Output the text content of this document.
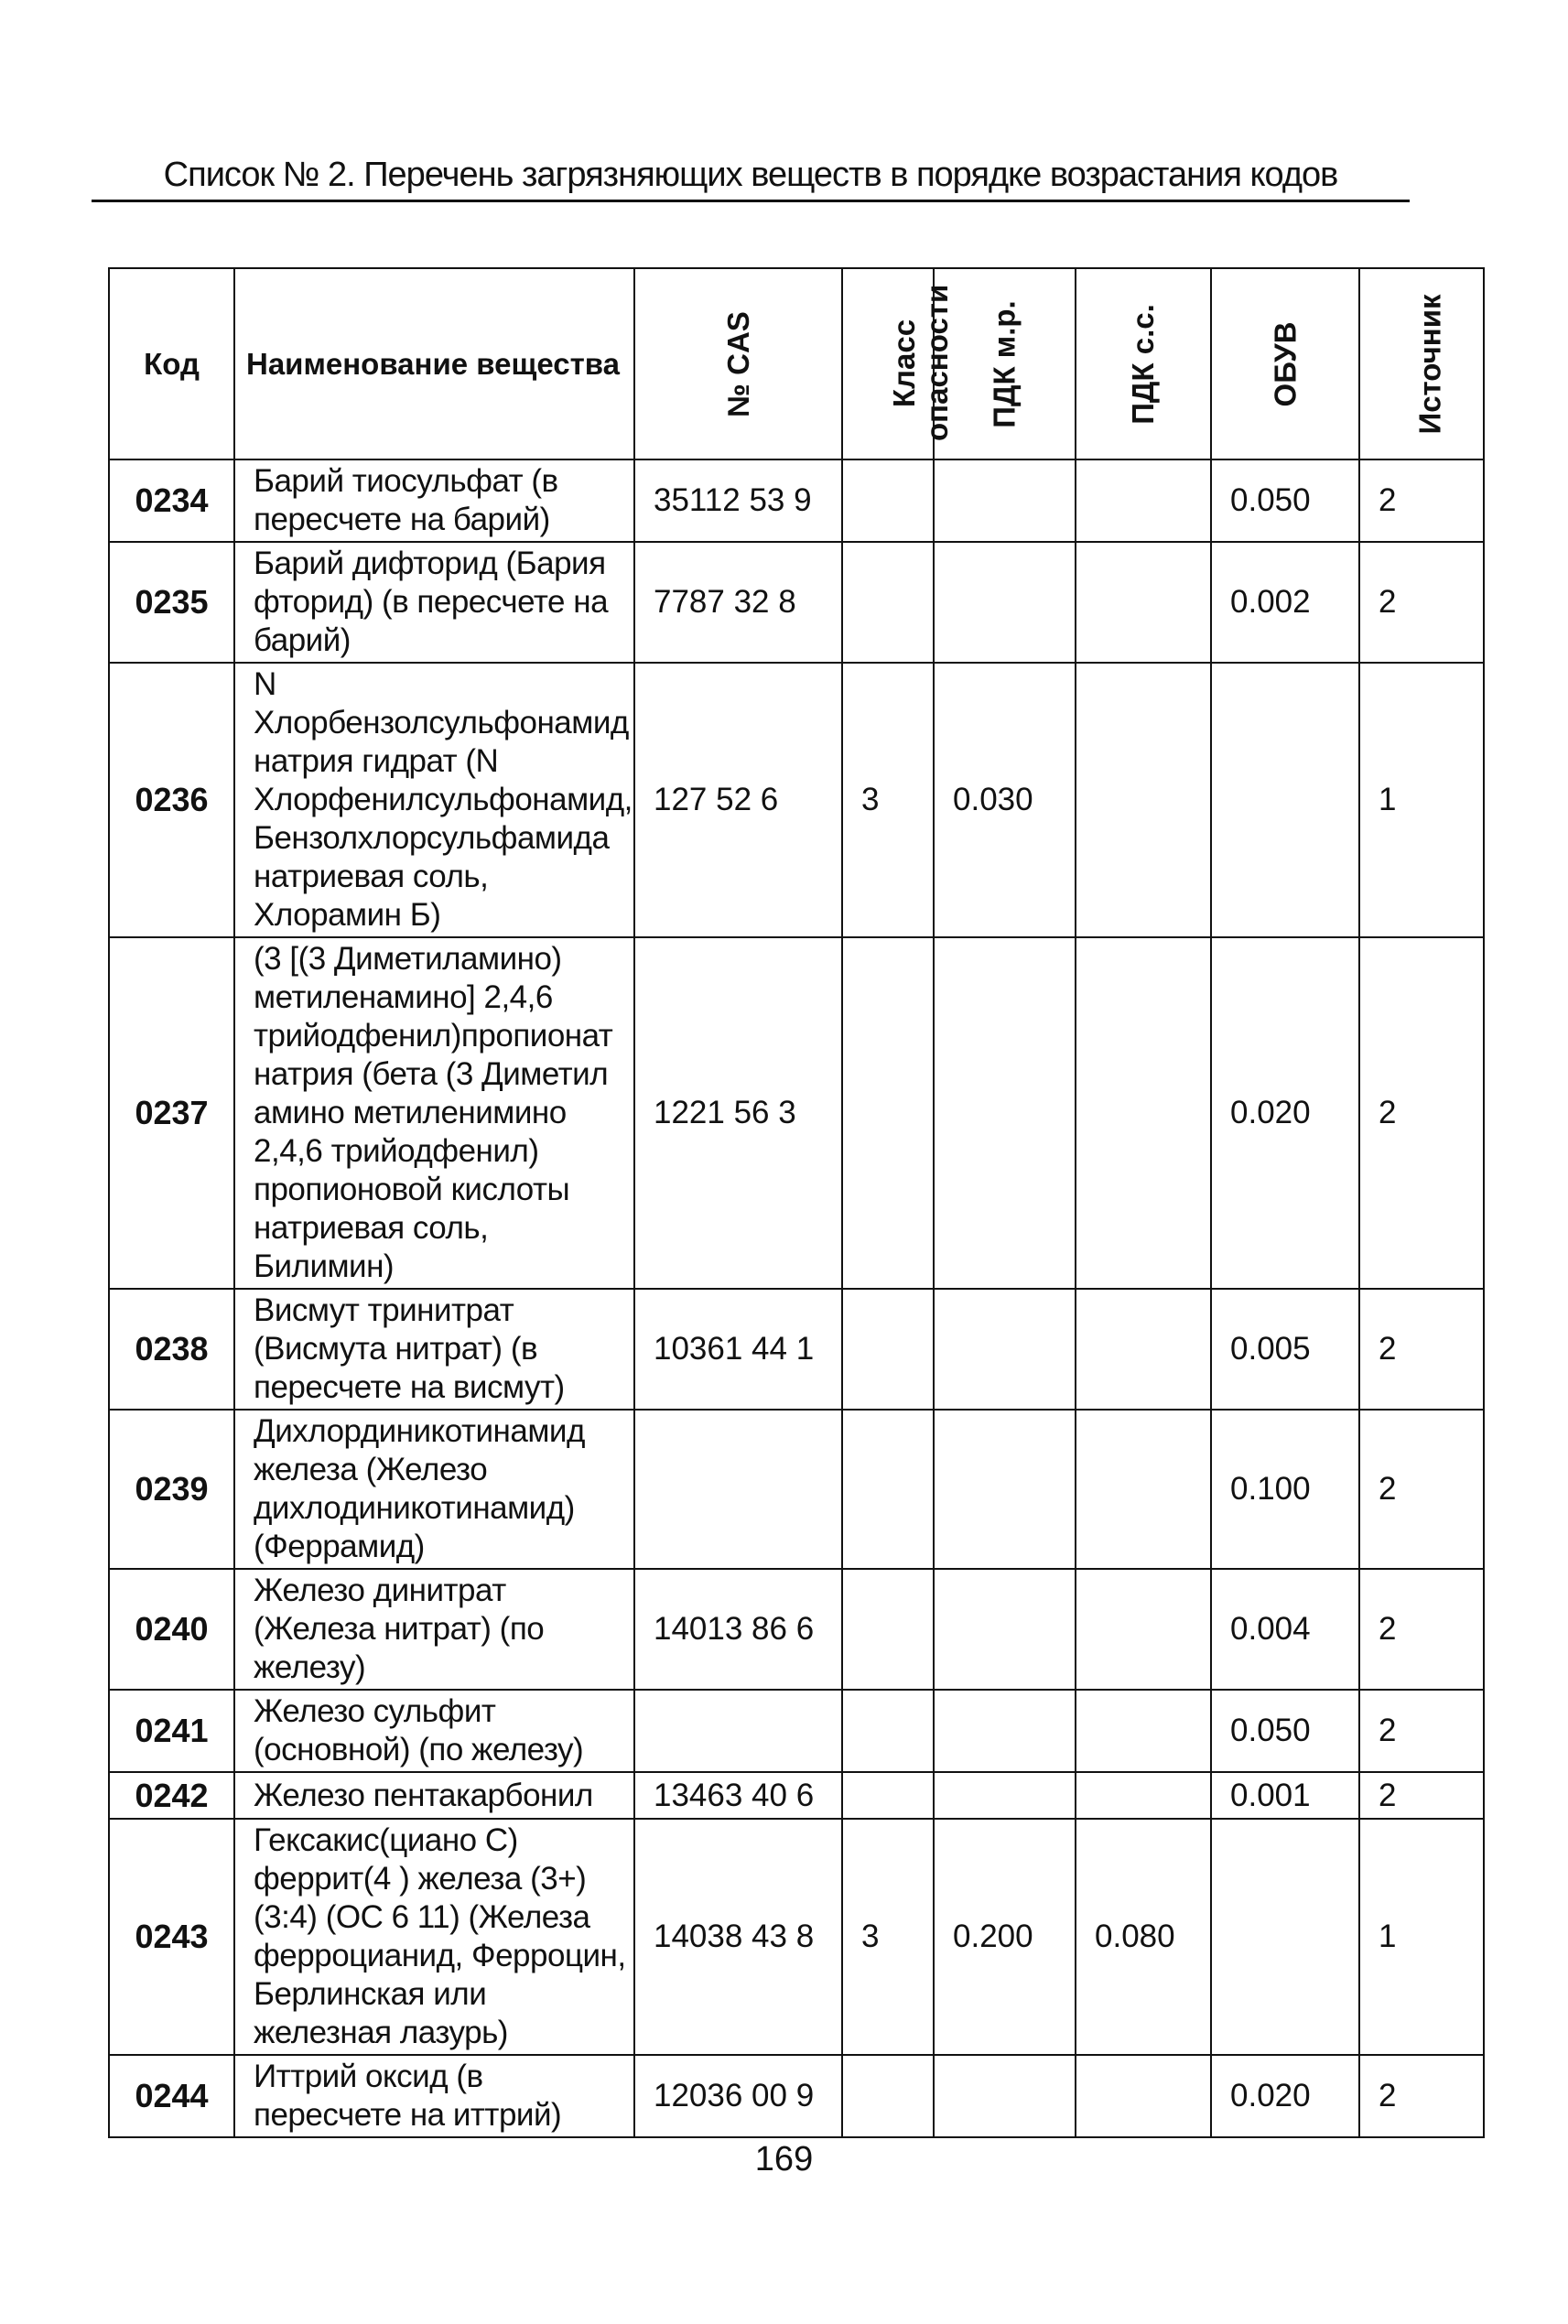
Список № 2. Перечень загрязняющих веществ в порядке возрастания кодов
Код	Наименование вещества	№ CAS	Класс опасности	ПДК м.р.	ПДК с.с.	ОБУВ	Источник
0234	Барий тиосульфат (в пересчете на барий)	35112 53 9				0.050	2
0235	Барий дифторид (Бария фторид) (в пересчете на барий)	7787 32 8				0.002	2
0236	N Хлорбензолсульфонамид натрия гидрат (N Хлорфенилсульфонамид, Бензолхлорсульфамида натриевая соль, Хлорамин Б)	127 52 6	3	0.030			1
0237	(3 [(3 Диметиламино) метиленамино] 2,4,6 трийодфенил)пропионат натрия (бета (3 Диметил амино метиленимино 2,4,6 трийодфенил) пропионовой кислоты натриевая соль, Билимин)	1221 56 3				0.020	2
0238	Висмут тринитрат (Висмута нитрат) (в пересчете на висмут)	10361 44 1				0.005	2
0239	Дихлординикотинамид железа (Железо дихлодиникотинамид) (Феррамид)					0.100	2
0240	Железо динитрат (Железа нитрат) (по железу)	14013 86 6				0.004	2
0241	Железо сульфит (основной) (по железу)					0.050	2
0242	Железо пентакарбонил	13463 40 6				0.001	2
0243	Гексакис(циано С) феррит(4 ) железа (3+) (3:4) (ОС 6 11) (Железа ферроцианид, Ферроцин, Берлинская или железная лазурь)	14038 43 8	3	0.200	0.080		1
0244	Иттрий оксид (в пересчете на иттрий)	12036 00 9				0.020	2
169
